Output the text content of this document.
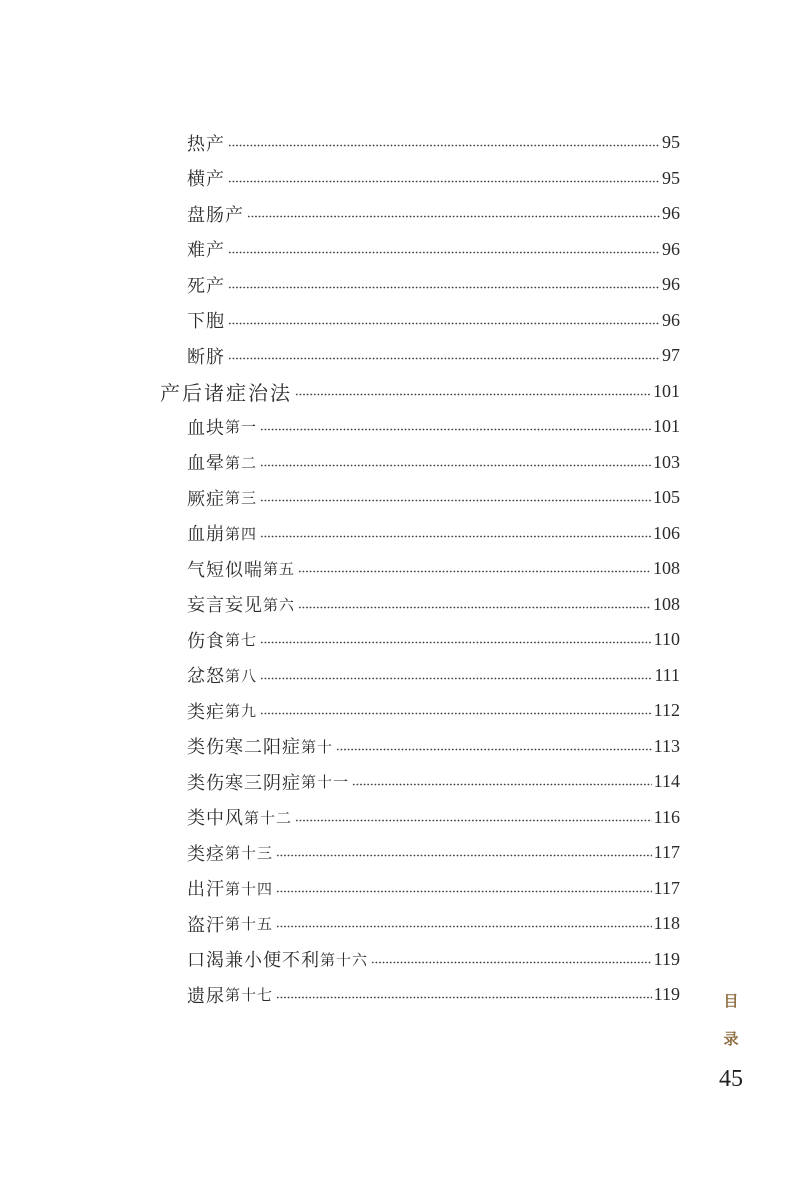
热产	95
横产	95
盘肠产	96
难产	96
死产	96
下胞	96
断脐	97
产后诸症治法	101
血块 第一	101
血晕 第二	103
厥症 第三	105
血崩 第四	106
气短似喘 第五	108
妄言妄见 第六	108
伤食 第七	110
忿怒 第八	111
类疟 第九	112
类伤寒二阳症 第十	113
类伤寒三阴症 第十一	114
类中风 第十二	116
类痉 第十三	117
出汗 第十四	117
盗汗 第十五	118
口渴兼小便不利 第十六	119
遗尿 第十七	119	目
录
45
